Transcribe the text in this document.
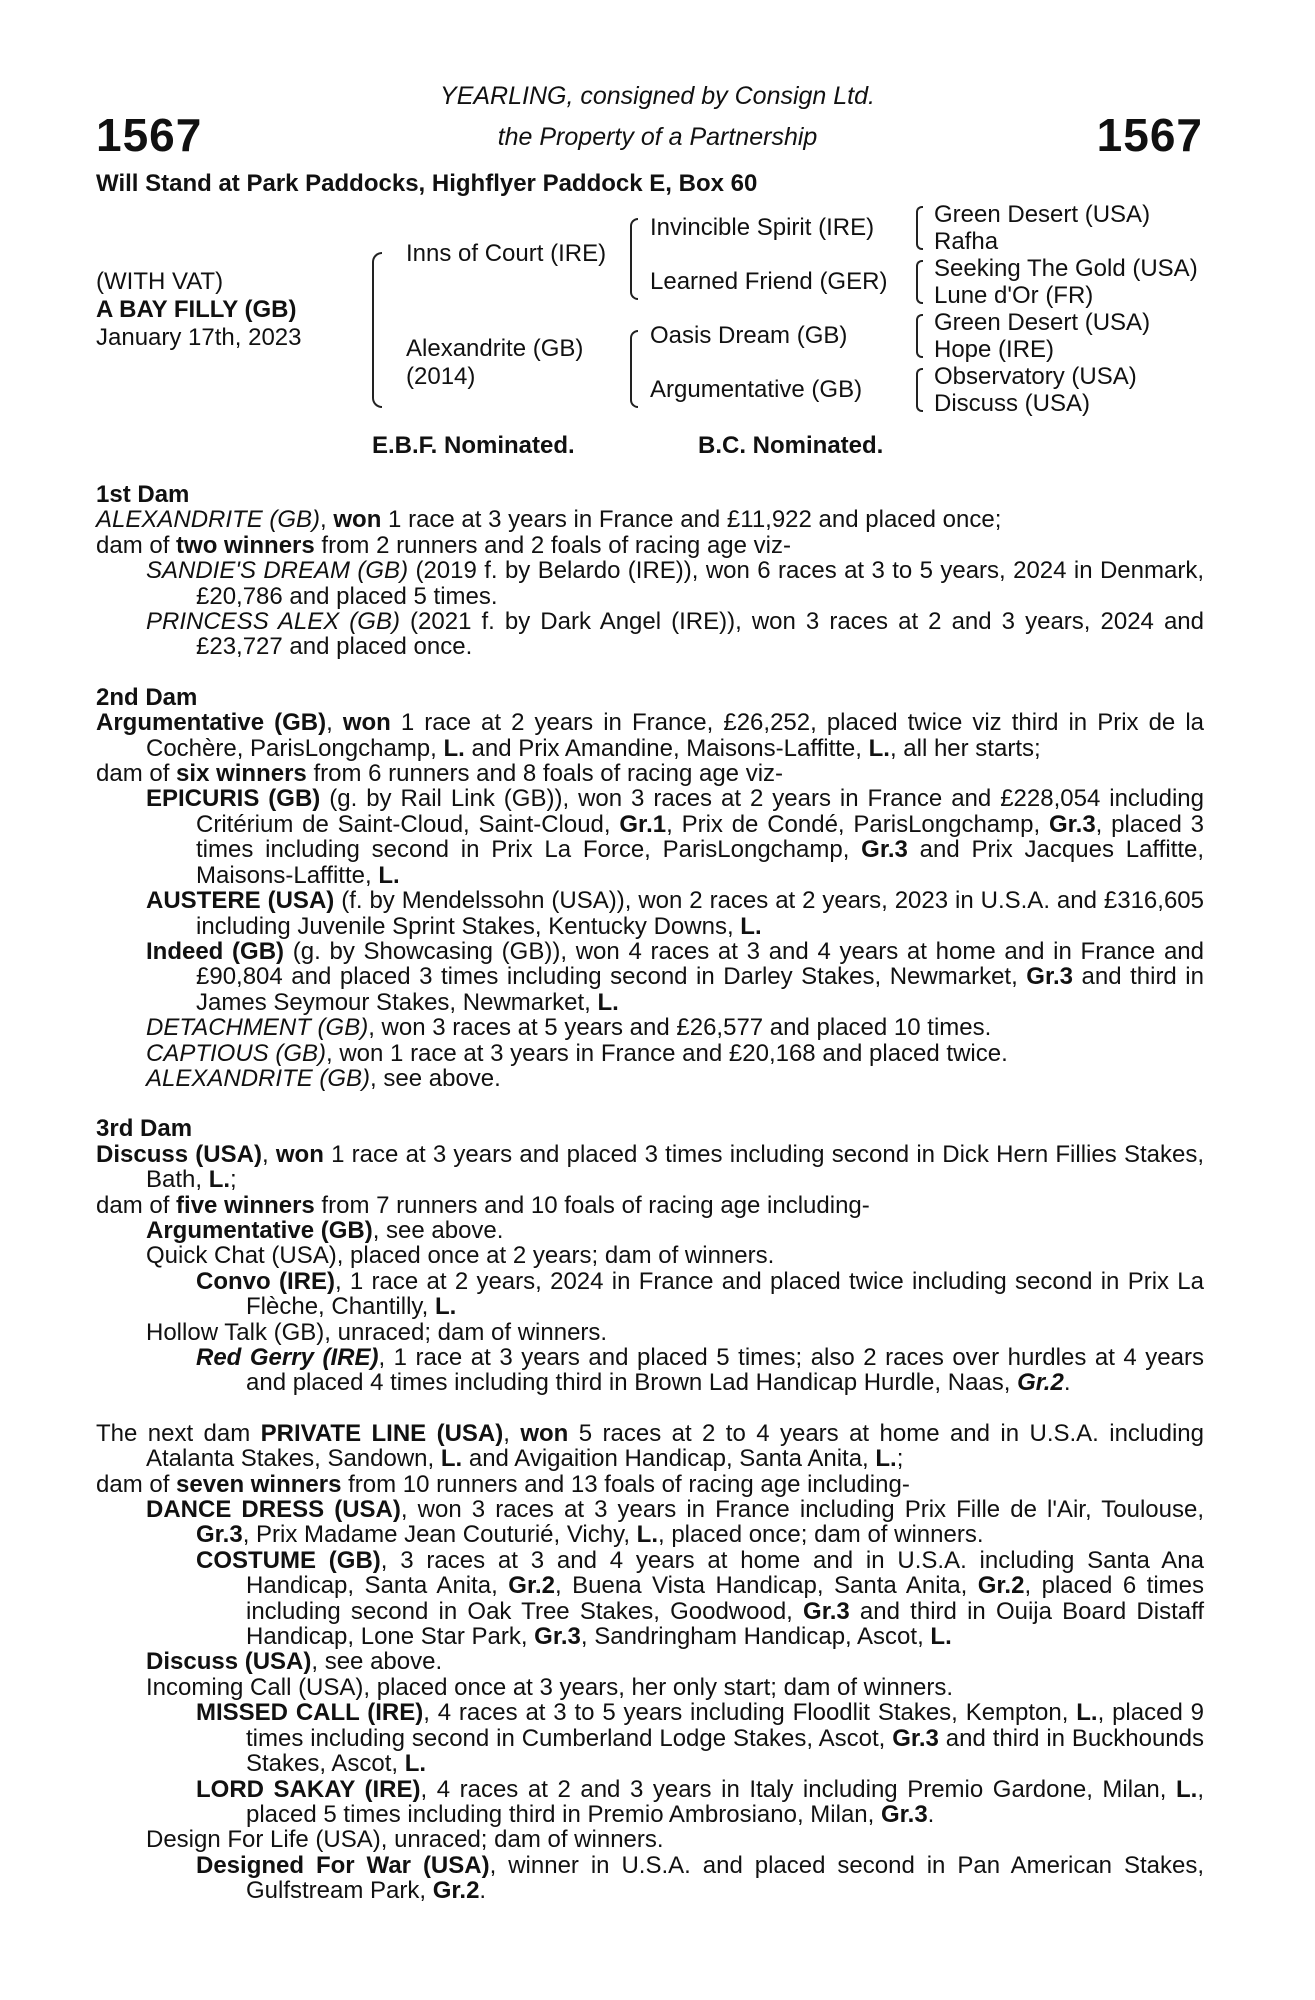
1567	1567
YEARLING, consigned by Consign Ltd.
the Property of a Partnership
Will Stand at Park Paddocks, Highflyer Paddock E, Box 60
(WITH VAT)
A BAY FILLY (GB)
January 17th, 2023
Inns of Court (IRE)
Alexandrite (GB)
(2014)
Invincible Spirit (IRE)
Learned Friend (GER)
Oasis Dream (GB)
Argumentative (GB)
Green Desert (USA)
Rafha
Seeking The Gold (USA)
Lune d'Or (FR)
Green Desert (USA)
Hope (IRE)
Observatory (USA)
Discuss (USA)
E.B.F. Nominated.	B.C. Nominated.

1st Dam

ALEXANDRITE (GB), won 1 race at 3 years in France and £11,922 and placed once;

dam of two winners from 2 runners and 2 foals of racing age viz-

SANDIE'S DREAM (GB) (2019 f. by Belardo (IRE)), won 6 races at 3 to 5 years, 2024 in Denmark, £20,786 and placed 5 times.

PRINCESS ALEX (GB) (2021 f. by Dark Angel (IRE)), won 3 races at 2 and 3 years, 2024 and £23,727 and placed once.

2nd Dam

Argumentative (GB), won 1 race at 2 years in France, £26,252, placed twice viz third in Prix de la Cochère, ParisLongchamp, L. and Prix Amandine, Maisons-Laffitte, L., all her starts;

dam of six winners from 6 runners and 8 foals of racing age viz-

EPICURIS (GB) (g. by Rail Link (GB)), won 3 races at 2 years in France and £228,054 including Critérium de Saint-Cloud, Saint-Cloud, Gr.1, Prix de Condé, ParisLongchamp, Gr.3, placed 3 times including second in Prix La Force, ParisLongchamp, Gr.3 and Prix Jacques Laffitte, Maisons-Laffitte, L.

AUSTERE (USA) (f. by Mendelssohn (USA)), won 2 races at 2 years, 2023 in U.S.A. and £316,605 including Juvenile Sprint Stakes, Kentucky Downs, L.

Indeed (GB) (g. by Showcasing (GB)), won 4 races at 3 and 4 years at home and in France and £90,804 and placed 3 times including second in Darley Stakes, Newmarket, Gr.3 and third in James Seymour Stakes, Newmarket, L.

DETACHMENT (GB), won 3 races at 5 years and £26,577 and placed 10 times.

CAPTIOUS (GB), won 1 race at 3 years in France and £20,168 and placed twice.

ALEXANDRITE (GB), see above.

3rd Dam

Discuss (USA), won 1 race at 3 years and placed 3 times including second in Dick Hern Fillies Stakes, Bath, L.;

dam of five winners from 7 runners and 10 foals of racing age including-

Argumentative (GB), see above.

Quick Chat (USA), placed once at 2 years; dam of winners.

Convo (IRE), 1 race at 2 years, 2024 in France and placed twice including second in Prix La Flèche, Chantilly, L.

Hollow Talk (GB), unraced; dam of winners.

Red Gerry (IRE), 1 race at 3 years and placed 5 times; also 2 races over hurdles at 4 years and placed 4 times including third in Brown Lad Handicap Hurdle, Naas, Gr.2.

The next dam PRIVATE LINE (USA), won 5 races at 2 to 4 years at home and in U.S.A. including Atalanta Stakes, Sandown, L. and Avigaition Handicap, Santa Anita, L.;

dam of seven winners from 10 runners and 13 foals of racing age including-

DANCE DRESS (USA), won 3 races at 3 years in France including Prix Fille de l'Air, Toulouse, Gr.3, Prix Madame Jean Couturié, Vichy, L., placed once; dam of winners.

COSTUME (GB), 3 races at 3 and 4 years at home and in U.S.A. including Santa Ana Handicap, Santa Anita, Gr.2, Buena Vista Handicap, Santa Anita, Gr.2, placed 6 times including second in Oak Tree Stakes, Goodwood, Gr.3 and third in Ouija Board Distaff Handicap, Lone Star Park, Gr.3, Sandringham Handicap, Ascot, L.

Discuss (USA), see above.

Incoming Call (USA), placed once at 3 years, her only start; dam of winners.

MISSED CALL (IRE), 4 races at 3 to 5 years including Floodlit Stakes, Kempton, L., placed 9 times including second in Cumberland Lodge Stakes, Ascot, Gr.3 and third in Buckhounds Stakes, Ascot, L.

LORD SAKAY (IRE), 4 races at 2 and 3 years in Italy including Premio Gardone, Milan, L., placed 5 times including third in Premio Ambrosiano, Milan, Gr.3.

Design For Life (USA), unraced; dam of winners.

Designed For War (USA), winner in U.S.A. and placed second in Pan American Stakes, Gulfstream Park, Gr.2.
